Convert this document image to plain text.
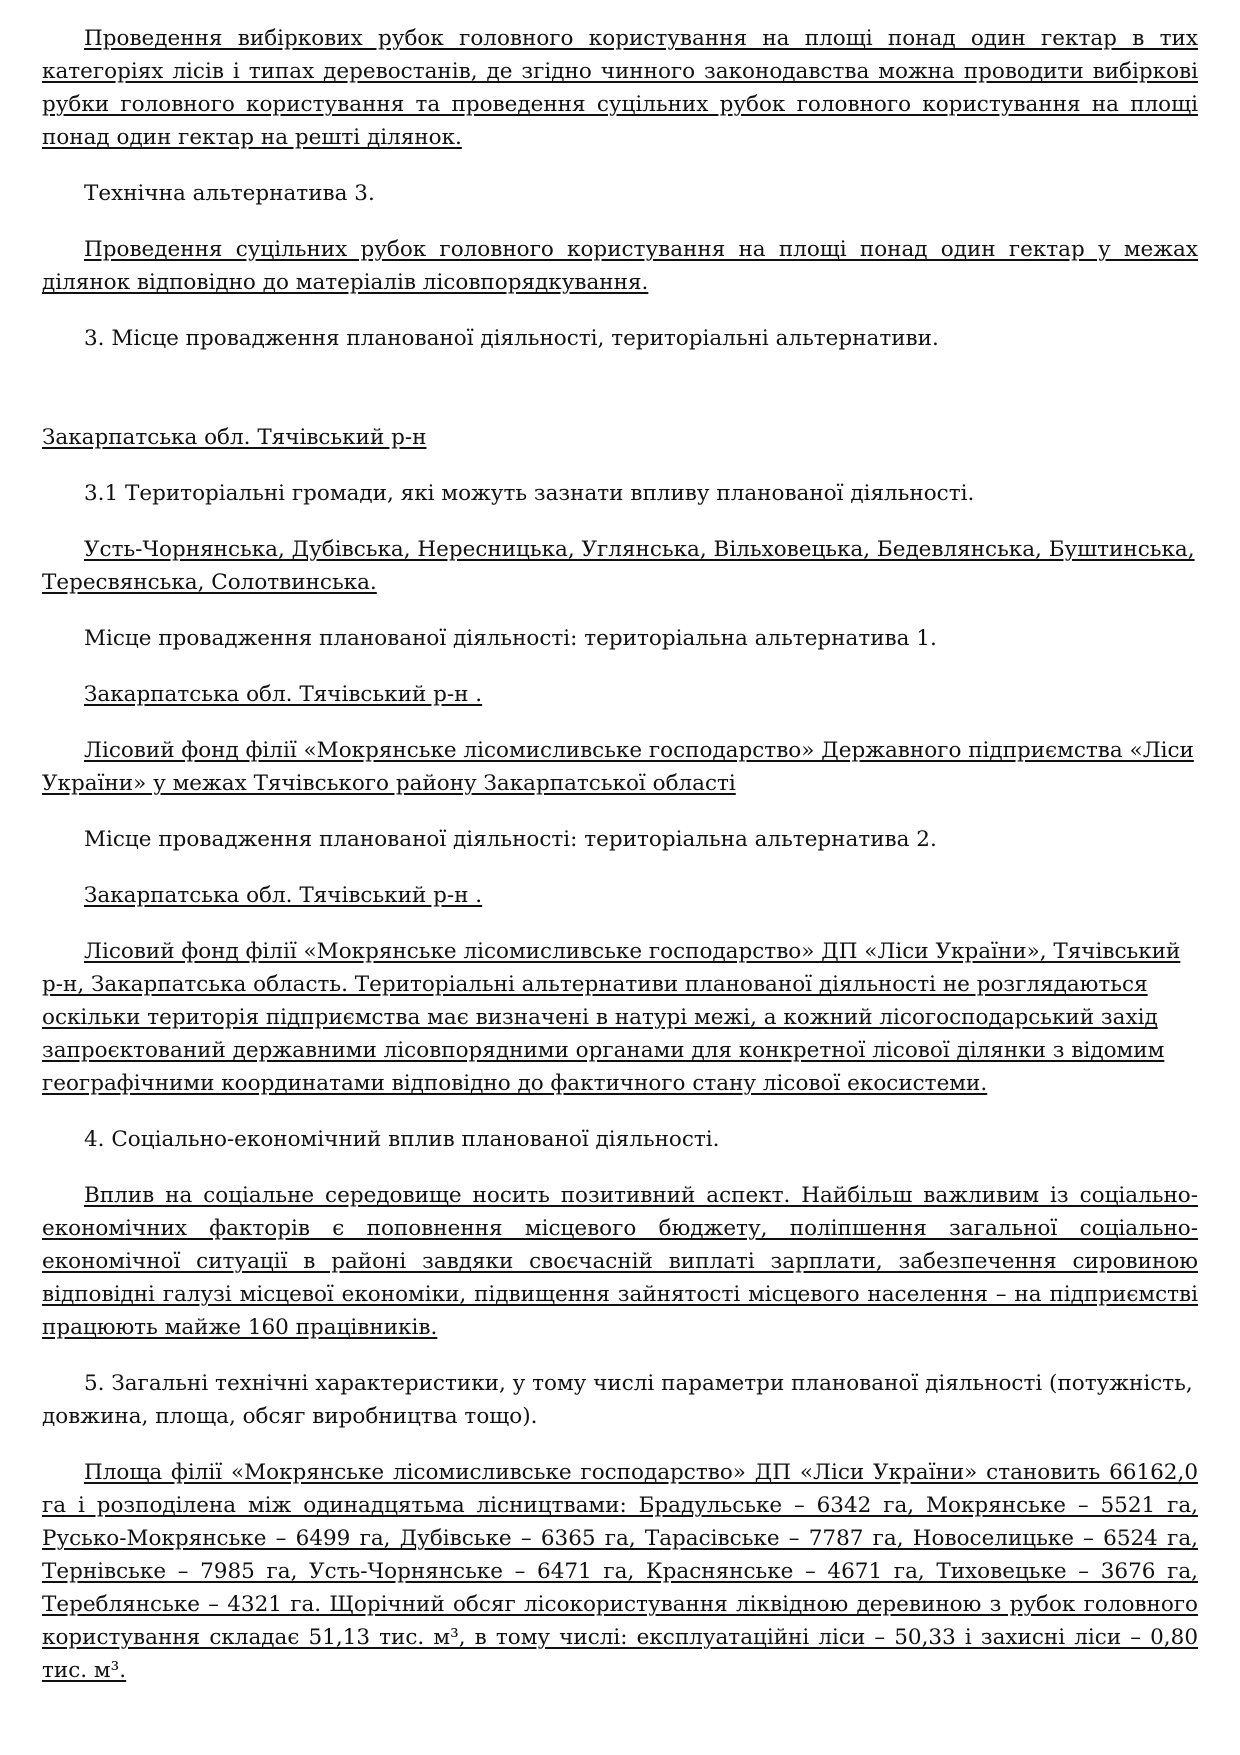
Проведення вибіркових рубок головного користування на площі понад один гектар в тих категоріях лісів і типах деревостанів, де згідно чинного законодавства можна проводити вибіркові рубки головного користування та проведення суцільних рубок головного користування на площі понад один гектар на решті ділянок.

Технічна альтернатива 3.

Проведення суцільних рубок головного користування на площі понад один гектар у межах ділянок відповідно до матеріалів лісовпорядкування.

3. Місце провадження планованої діяльності, територіальні альтернативи.

Закарпатська обл. Тячівський р-н

3.1 Територіальні громади, які можуть зазнати впливу планованої діяльності.

Усть-Чорнянська, Дубівська, Нересницька, Углянська, Вільховецька, Бедевлянська, Буштинська, Тересвянська, Солотвинська.

Місце провадження планованої діяльності: територіальна альтернатива 1.

Закарпатська обл. Тячівський р-н .

Лісовий фонд філії «Мокрянське лісомисливське господарство» Державного підприємства «Ліси України» у межах Тячівського району Закарпатської області

Місце провадження планованої діяльності: територіальна альтернатива 2.

Закарпатська обл. Тячівський р-н .

Лісовий фонд філії «Мокрянське лісомисливське господарство» ДП «Ліси України», Тячівський р-н, Закарпатська область. Територіальні альтернативи планованої діяльності не розглядаються оскільки територія підприємства має визначені в натурі межі, а кожний лісогосподарський захід запроєктований державними лісовпорядними органами для конкретної лісової ділянки з відомим географічними координатами відповідно до фактичного стану лісової екосистеми.

4. Соціально-економічний вплив планованої діяльності.

Вплив на соціальне середовище носить позитивний аспект. Найбільш важливим із соціально-економічних факторів є поповнення місцевого бюджету, поліпшення загальної соціально-економічної ситуації в районі завдяки своєчасній виплаті зарплати, забезпечення сировиною відповідні галузі місцевої економіки, підвищення зайнятості місцевого населення – на підприємстві працюють майже 160 працівників.

5. Загальні технічні характеристики, у тому числі параметри планованої діяльності (потужність, довжина, площа, обсяг виробництва тощо).

Площа філії «Мокрянське лісомисливське господарство» ДП «Ліси України» становить 66162,0 га і розподілена між одинадцятьма лісництвами: Брадульське – 6342 га, Мокрянське – 5521 га, Русько-Мокрянське – 6499 га, Дубівське – 6365 га, Тарасівське – 7787 га, Новоселицьке – 6524 га, Тернівське – 7985 га, Усть-Чорнянське – 6471 га, Краснянське – 4671 га, Тиховецьке – 3676 га, Тереблянське – 4321 га. Щорічний обсяг лісокористування ліквідною деревиною з рубок головного користування складає 51,13 тис. м³, в тому числі: експлуатаційні ліси – 50,33 і захисні ліси – 0,80 тис. м³.
